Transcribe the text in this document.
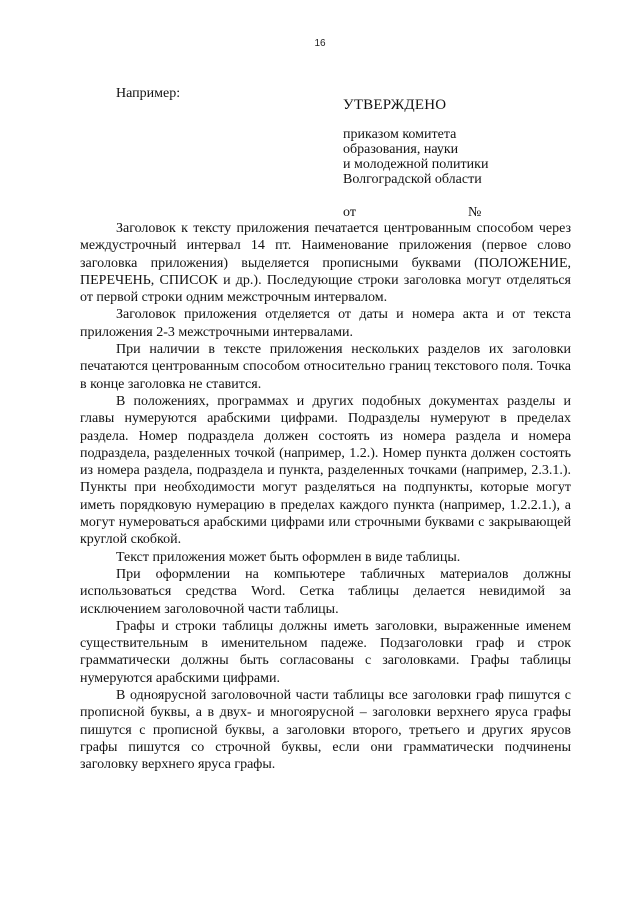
16
Например:
УТВЕРЖДЕНО
приказом комитета
образования, науки
и молодежной политики
Волгоградской области
от	№

Заголовок к тексту приложения печатается центрованным способом через междустрочный интервал 14 пт. Наименование приложения (первое слово заголовка приложения) выделяется прописными буквами (ПОЛОЖЕНИЕ, ПЕРЕЧЕНЬ, СПИСОК и др.). Последующие строки заголовка могут отделяться от первой строки одним межстрочным интервалом.

Заголовок приложения отделяется от даты и номера акта и от текста приложения 2-3 межстрочными интервалами.

При наличии в тексте приложения нескольких разделов их заголовки печатаются центрованным способом относительно границ текстового поля. Точка в конце заголовка не ставится.

В положениях, программах и других подобных документах разделы и главы нумеруются арабскими цифрами. Подразделы нумеруют в пределах раздела. Номер подраздела должен состоять из номера раздела и номера подраздела, разделенных точкой (например, 1.2.). Номер пункта должен состоять из номера раздела, подраздела и пункта, разделенных точками (например, 2.3.1.). Пункты при необходимости могут разделяться на подпункты, которые могут иметь порядковую нумерацию в пределах каждого пункта (например, 1.2.2.1.), а могут нумероваться арабскими цифрами или строчными буквами с закрывающей круглой скобкой.

Текст приложения может быть оформлен в виде таблицы.

При оформлении на компьютере табличных материалов должны использоваться средства Word. Сетка таблицы делается невидимой за исключением заголовочной части таблицы.

Графы и строки таблицы должны иметь заголовки, выраженные именем существительным в именительном падеже. Подзаголовки граф и строк грамматически должны быть согласованы с заголовками. Графы таблицы нумеруются арабскими цифрами.

В одноярусной заголовочной части таблицы все заголовки граф пишутся с прописной буквы, а в двух- и многоярусной – заголовки верхнего яруса графы пишутся с прописной буквы, а заголовки второго, третьего и других ярусов графы пишутся со строчной буквы, если они грамматически подчинены заголовку верхнего яруса графы.
